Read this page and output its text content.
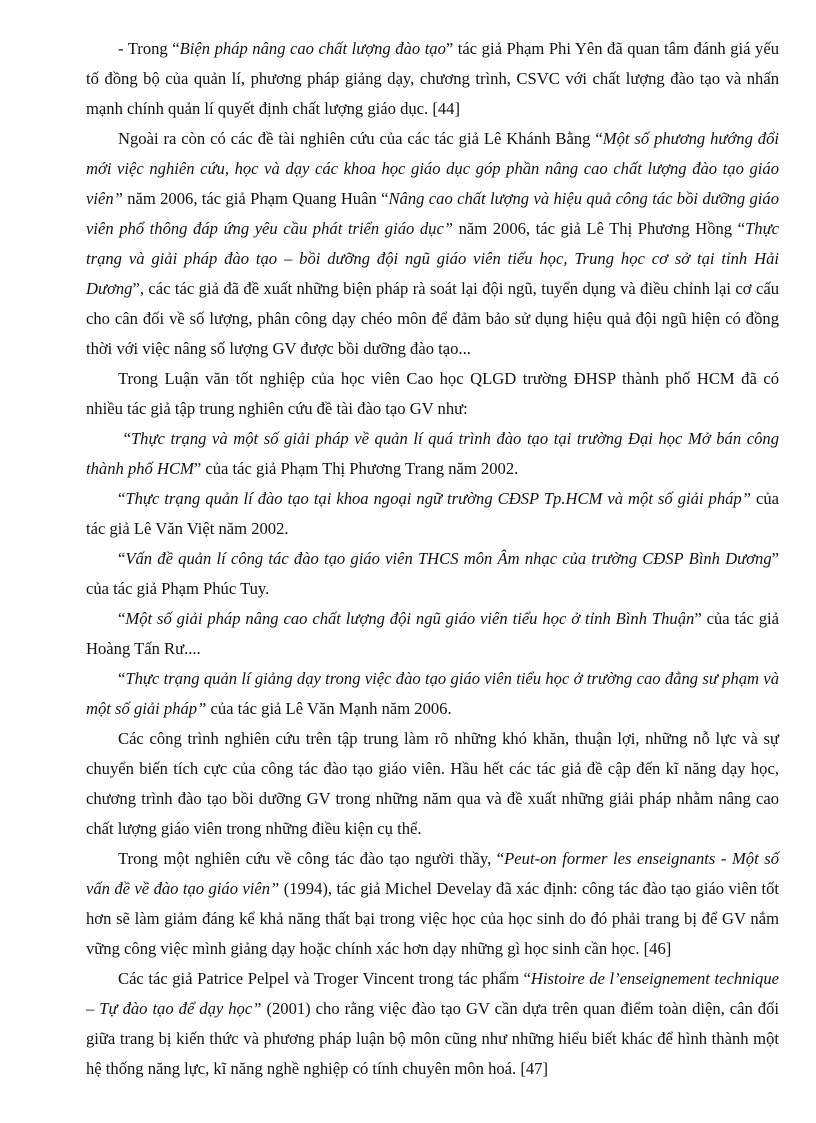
- Trong “Biện pháp nâng cao chất lượng đào tạo” tác giả Phạm Phi Yên đã quan tâm đánh giá yếu tố đồng bộ của quản lí, phương pháp giảng dạy, chương trình, CSVC với chất lượng đào tạo và nhấn mạnh chính quản lí quyết định chất lượng giáo dục. [44]

Ngoài ra còn có các đề tài nghiên cứu của các tác giả Lê Khánh Bằng “Một số phương hướng đổi mới việc nghiên cứu, học và dạy các khoa học giáo dục góp phần nâng cao chất lượng đào tạo giáo viên” năm 2006, tác giả Phạm Quang Huân “Nâng cao chất lượng và hiệu quả công tác bồi dưỡng giáo viên phổ thông đáp ứng yêu cầu phát triển giáo dục” năm 2006, tác giả Lê Thị Phương Hồng “Thực trạng và giải pháp đào tạo – bồi dưỡng đội ngũ giáo viên tiểu học, Trung học cơ sở tại tỉnh Hải Dương”, các tác giả đã đề xuất những biện pháp rà soát lại đội ngũ, tuyển dụng và điều chỉnh lại cơ cấu cho cân đối về số lượng, phân công dạy chéo môn để đảm bảo sử dụng hiệu quả đội ngũ hiện có đồng thời với việc nâng số lượng GV được bồi dưỡng đào tạo...

Trong Luận văn tốt nghiệp của học viên Cao học QLGD trường ĐHSP thành phố HCM đã có nhiều tác giả tập trung nghiên cứu đề tài đào tạo GV như:

“Thực trạng và một số giải pháp về quản lí quá trình đào tạo tại trường Đại học Mở bán công thành phố HCM” của tác giả Phạm Thị Phương Trang năm 2002.

“Thực trạng quản lí đào tạo tại khoa ngoại ngữ trường CĐSP Tp.HCM và một số giải pháp” của tác giả Lê Văn Việt năm 2002.

“Vấn đề quản lí công tác đào tạo giáo viên THCS môn Âm nhạc của trường CĐSP Bình Dương” của tác giả Phạm Phúc Tuy.

“Một số giải pháp nâng cao chất lượng đội ngũ giáo viên tiểu học ở tỉnh Bình Thuận” của tác giả Hoàng Tấn Rư....

“Thực trạng quản lí giảng dạy trong việc đào tạo giáo viên tiểu học ở trường cao đẳng sư phạm và một số giải pháp” của tác giả Lê Văn Mạnh năm 2006.

Các công trình nghiên cứu trên tập trung làm rõ những khó khăn, thuận lợi, những nỗ lực và sự chuyển biến tích cực của công tác đào tạo giáo viên. Hầu hết các tác giả đề cập đến kĩ năng dạy học, chương trình đào tạo bồi dưỡng GV trong những năm qua và đề xuất những giải pháp nhằm nâng cao chất lượng giáo viên trong những điều kiện cụ thể.

Trong một nghiên cứu về công tác đào tạo người thầy, “Peut-on former les enseignants - Một số vấn đề về đào tạo giáo viên” (1994), tác giả Michel Develay đã xác định: công tác đào tạo giáo viên tốt hơn sẽ làm giảm đáng kể khả năng thất bại trong việc học của học sinh do đó phải trang bị để GV nắm vững công việc mình giảng dạy hoặc chính xác hơn dạy những gì học sinh cần học. [46]

Các tác giả Patrice Pelpel và Troger Vincent trong tác phẩm “Histoire de l’enseignement technique – Tự đào tạo để dạy học” (2001) cho rằng việc đào tạo GV cần dựa trên quan điểm toàn diện, cân đối giữa trang bị kiến thức và phương pháp luận bộ môn cũng như những hiểu biết khác để hình thành một hệ thống năng lực, kĩ năng nghề nghiệp có tính chuyên môn hoá. [47]
